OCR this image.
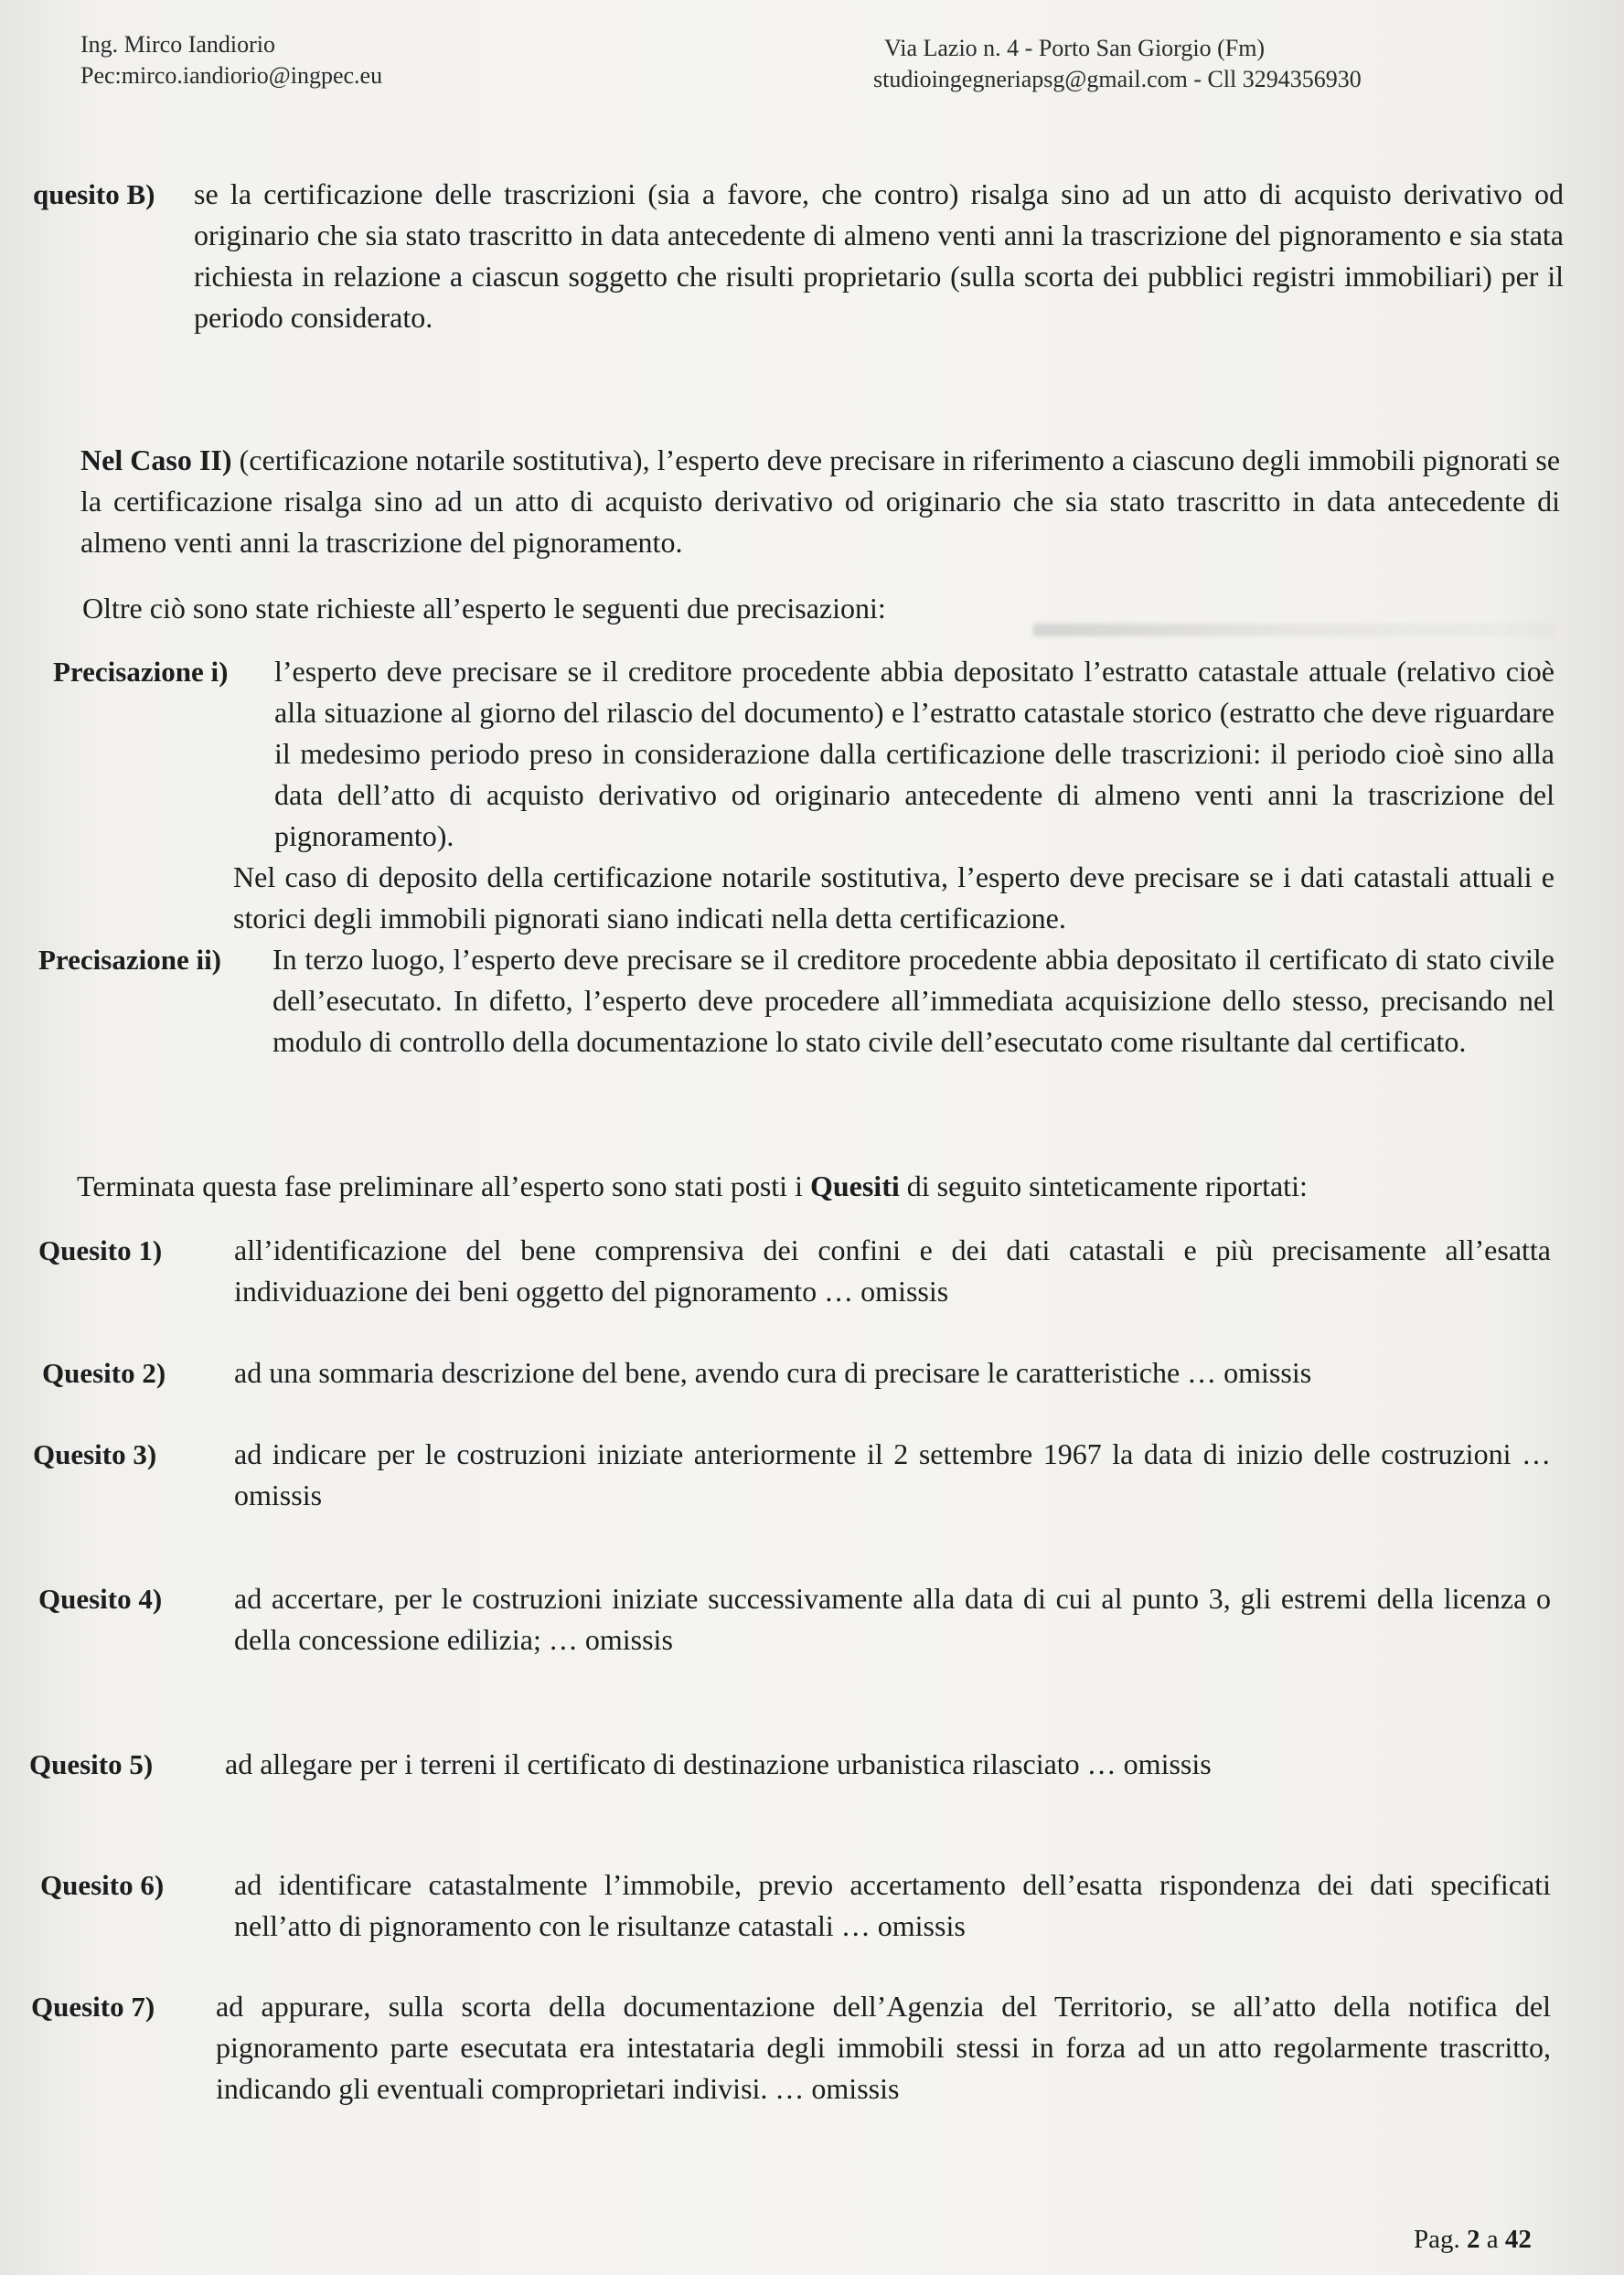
Ing. Mirco Iandiorio
Pec:mirco.iandiorio@ingpec.eu
Via Lazio n. 4 - Porto San Giorgio (Fm)
studioingegneriapsg@gmail.com - Cll 3294356930
quesito B) se la certificazione delle trascrizioni (sia a favore, che contro) risalga sino ad un atto di acquisto derivativo od originario che sia stato trascritto in data antecedente di almeno venti anni la trascrizione del pignoramento e sia stata richiesta in relazione a ciascun soggetto che risulti proprietario (sulla scorta dei pubblici registri immobiliari) per il periodo considerato.
Nel Caso II) (certificazione notarile sostitutiva), l’esperto deve precisare in riferimento a ciascuno degli immobili pignorati se la certificazione risalga sino ad un atto di acquisto derivativo od originario che sia stato trascritto in data antecedente di almeno venti anni la trascrizione del pignoramento.
Oltre ciò sono state richieste all’esperto le seguenti due precisazioni:
Precisazione i) l’esperto deve precisare se il creditore procedente abbia depositato l’estratto catastale attuale (relativo cioè alla situazione al giorno del rilascio del documento) e l’estratto catastale storico (estratto che deve riguardare il medesimo periodo preso in considerazione dalla certificazione delle trascrizioni: il periodo cioè sino alla data dell’atto di acquisto derivativo od originario antecedente di almeno venti anni la trascrizione del pignoramento).
Nel caso di deposito della certificazione notarile sostitutiva, l’esperto deve precisare se i dati catastali attuali e storici degli immobili pignorati siano indicati nella detta certificazione.
Precisazione ii) In terzo luogo, l’esperto deve precisare se il creditore procedente abbia depositato il certificato di stato civile dell’esecutato. In difetto, l’esperto deve procedere all’immediata acquisizione dello stesso, precisando nel modulo di controllo della documentazione lo stato civile dell’esecutato come risultante dal certificato.
Terminata questa fase preliminare all’esperto sono stati posti i Quesiti di seguito sinteticamente riportati:
Quesito 1) all’identificazione del bene comprensiva dei confini e dei dati catastali e più precisamente all’esatta individuazione dei beni oggetto del pignoramento … omissis
Quesito 2) ad una sommaria descrizione del bene, avendo cura di precisare le caratteristiche … omissis
Quesito 3)	ad indicare per le costruzioni iniziate anteriormente il 2 settembre 1967 la data di inizio delle costruzioni … omissis
Quesito 4) ad accertare, per le costruzioni iniziate successivamente alla data di cui al punto 3, gli estremi della licenza o della concessione edilizia; … omissis
Quesito 5) ad allegare per i terreni il certificato di destinazione urbanistica rilasciato … omissis
Quesito 6) ad identificare catastalmente l’immobile, previo accertamento dell’esatta rispondenza dei dati specificati nell’atto di pignoramento con le risultanze catastali … omissis
Quesito 7) ad appurare, sulla scorta della documentazione dell’Agenzia del Territorio, se all’atto della notifica del pignoramento parte esecutata era intestataria degli immobili stessi in forza ad un atto regolarmente trascritto, indicando gli eventuali comproprietari indivisi. … omissis
Pag. 2 a 42
